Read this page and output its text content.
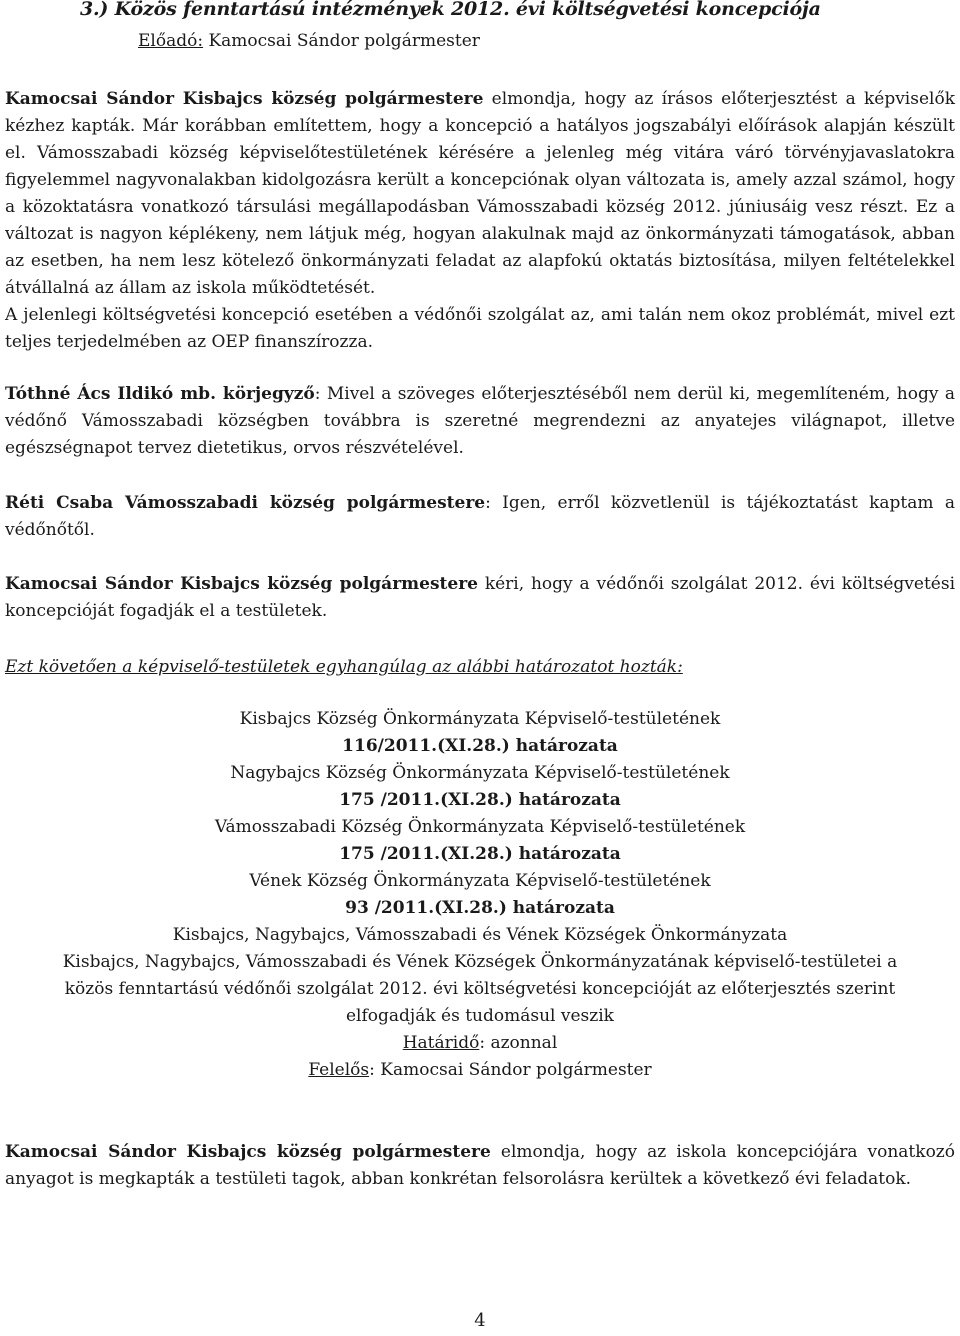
3.) Közös fenntartású intézmények 2012. évi költségvetési koncepciója
Előadó: Kamocsai Sándor polgármester

Kamocsai Sándor Kisbajcs község polgármestere elmondja, hogy az írásos előterjesztést a képviselők kézhez kapták. Már korábban említettem, hogy a koncepció a hatályos jogszabályi előírások alapján készült el. Vámosszabadi község képviselőtestületének kérésére a jelenleg még vitára váró törvényjavaslatokra figyelemmel nagyvonalakban kidolgozásra került a koncepciónak olyan változata is, amely azzal számol, hogy a közoktatásra vonatkozó társulási megállapodásban Vámosszabadi község 2012. júniusáig vesz részt. Ez a változat is nagyon képlékeny, nem látjuk még, hogyan alakulnak majd az önkormányzati támogatások, abban az esetben, ha nem lesz kötelező önkormányzati feladat az alapfokú oktatás biztosítása, milyen feltételekkel átvállalná az állam az iskola működtetését.

A jelenlegi költségvetési koncepció esetében a védőnői szolgálat az, ami talán nem okoz problémát, mivel ezt teljes terjedelmében az OEP finanszírozza.

Tóthné Ács Ildikó mb. körjegyző: Mivel a szöveges előterjesztéséből nem derül ki, megemlíteném, hogy a védőnő Vámosszabadi községben továbbra is szeretné megrendezni az anyatejes világnapot, illetve egészségnapot tervez dietetikus, orvos részvételével.

Réti Csaba Vámosszabadi község polgármestere: Igen, erről közvetlenül is tájékoztatást kaptam a védőnőtől.

Kamocsai Sándor Kisbajcs község polgármestere kéri, hogy a védőnői szolgálat 2012. évi költségvetési koncepcióját fogadják el a testületek.

Ezt követően a képviselő-testületek egyhangúlag az alábbi határozatot hozták:

Kisbajcs Község Önkormányzata Képviselő-testületének
116/2011.(XI.28.) határozata
Nagybajcs Község Önkormányzata Képviselő-testületének
175 /2011.(XI.28.) határozata
Vámosszabadi Község Önkormányzata Képviselő-testületének
175 /2011.(XI.28.) határozata
Vének Község Önkormányzata Képviselő-testületének
93 /2011.(XI.28.) határozata
Kisbajcs, Nagybajcs, Vámosszabadi és Vének Községek Önkormányzata
Kisbajcs, Nagybajcs, Vámosszabadi és Vének Községek Önkormányzatának képviselő-testületei a
közös fenntartású védőnői szolgálat 2012. évi költségvetési koncepcióját az előterjesztés szerint
elfogadják és tudomásul veszik
Határidő: azonnal
Felelős: Kamocsai Sándor polgármester

Kamocsai Sándor Kisbajcs község polgármestere elmondja, hogy az iskola koncepciójára vonatkozó anyagot is megkapták a testületi tagok, abban konkrétan felsorolásra kerültek a következő évi feladatok.

4
